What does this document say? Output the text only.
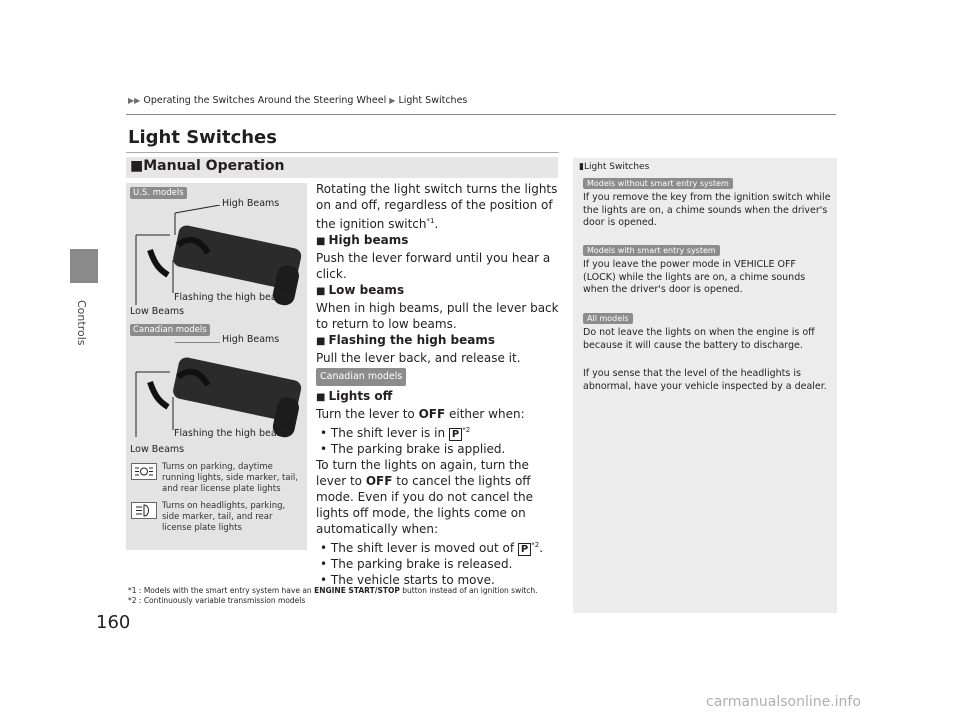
Controls
160
▶▶ Operating the Switches Around the Steering Wheel ▶ Light Switches
Light Switches
■Manual Operation
U.S. models
High Beams
Flashing the high beams
Low Beams
Canadian models
High Beams
Flashing the high beams
Low Beams
Turns on parking, daytime running lights, side marker, tail, and rear license plate lights
Turns on headlights, parking, side marker, tail, and rear license plate lights

Rotating the light switch turns the lights on and off, regardless of the position of the ignition switch$^{*1}$.

■ High beams

Push the lever forward until you hear a click.

■ Low beams

When in high beams, pull the lever back to return to low beams.

■ Flashing the high beams

Pull the lever back, and release it.

Canadian models

■ Lights off

Turn the lever to OFF either when:

• The shift lever is in P $^{*2}$

• The parking brake is applied.

To turn the lights on again, turn the lever to OFF to cancel the lights off mode. Even if you do not cancel the lights off mode, the lights come on automatically when:

• The shift lever is moved out of P $^{*2}$.

• The parking brake is released.

• The vehicle starts to move.

*1 : Models with the smart entry system have an ENGINE START/STOP button instead of an ignition switch.
*2 : Continuously variable transmission models
▮Light Switches
Models without smart entry system
If you remove the key from the ignition switch while the lights are on, a chime sounds when the driver's door is opened.
Models with smart entry system
If you leave the power mode in VEHICLE OFF (LOCK) while the lights are on, a chime sounds when the driver's door is opened.
All models
Do not leave the lights on when the engine is off because it will cause the battery to discharge.
If you sense that the level of the headlights is abnormal, have your vehicle inspected by a dealer.
carmanualsonline.info
